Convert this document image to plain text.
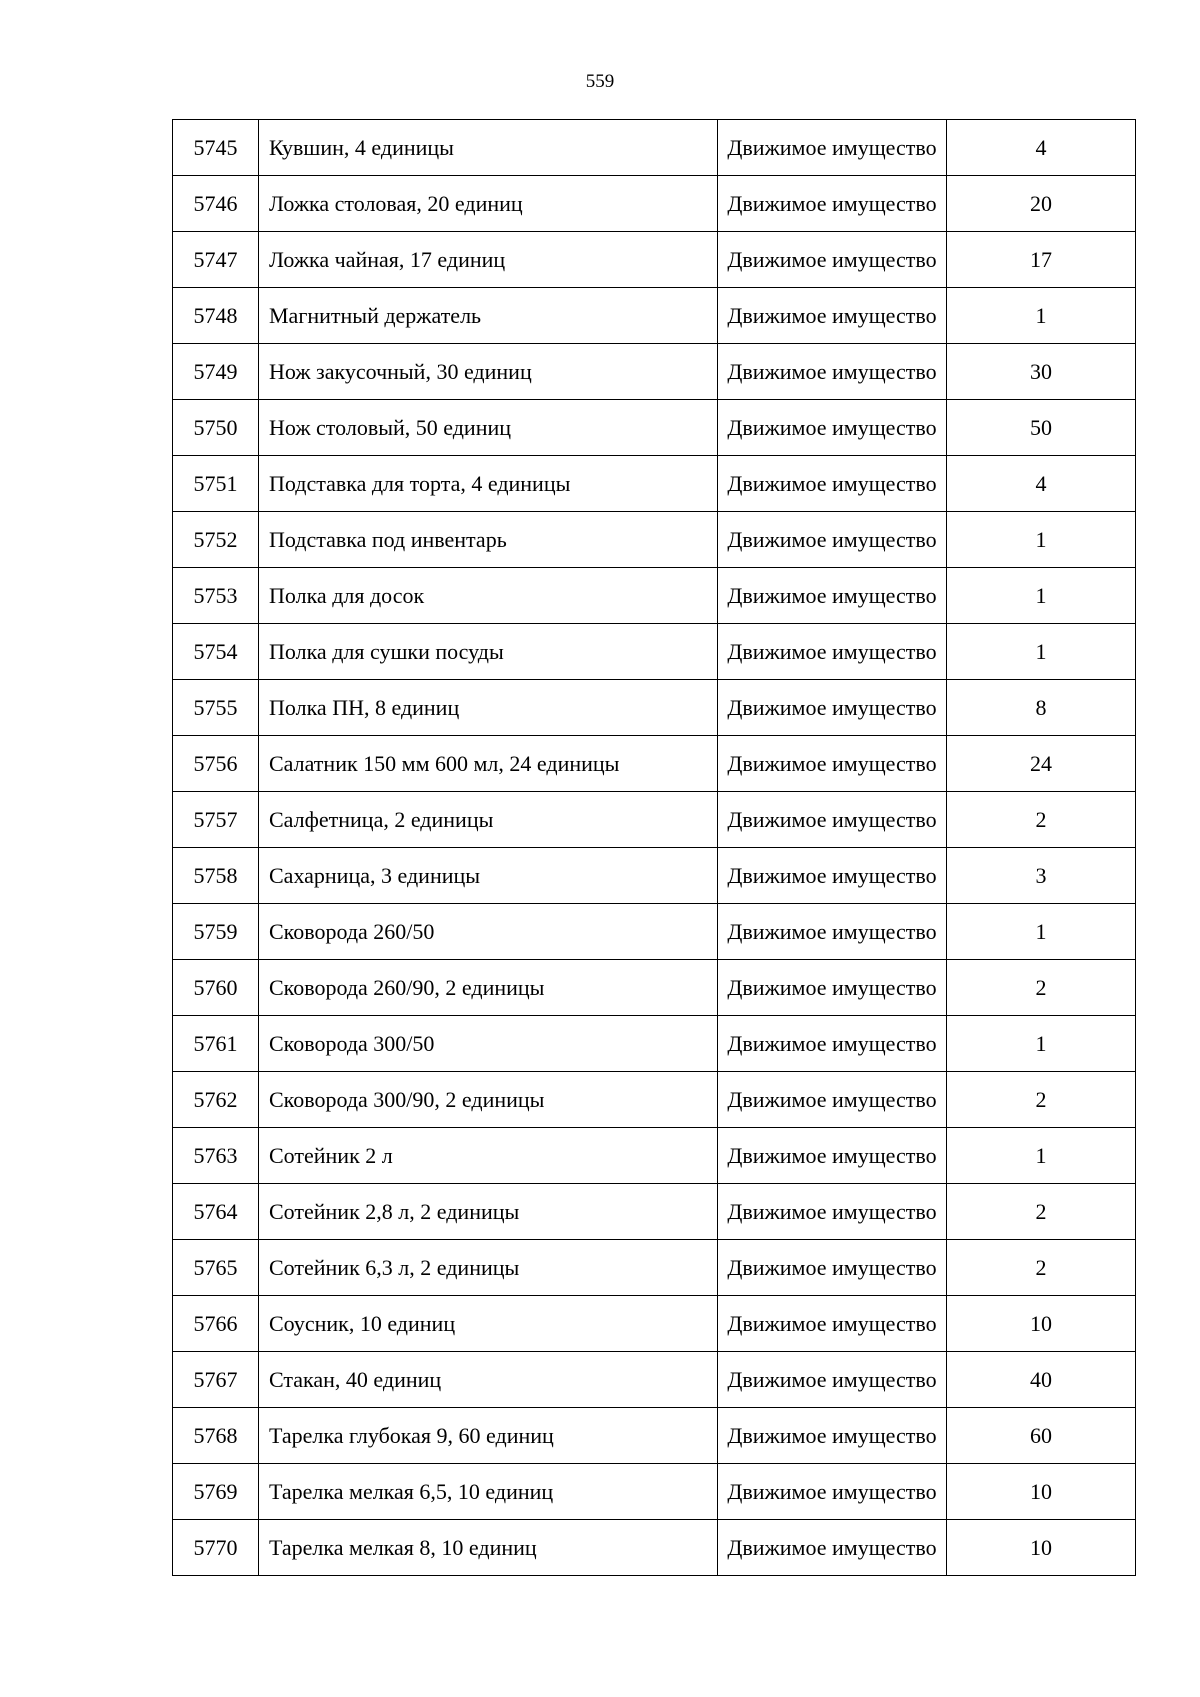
559
5745	Кувшин, 4 единицы	Движимое имущество	4
5746	Ложка столовая, 20 единиц	Движимое имущество	20
5747	Ложка чайная, 17 единиц	Движимое имущество	17
5748	Магнитный держатель	Движимое имущество	1
5749	Нож закусочный, 30 единиц	Движимое имущество	30
5750	Нож столовый, 50 единиц	Движимое имущество	50
5751	Подставка для торта, 4 единицы	Движимое имущество	4
5752	Подставка под инвентарь	Движимое имущество	1
5753	Полка для досок	Движимое имущество	1
5754	Полка для сушки посуды	Движимое имущество	1
5755	Полка ПН, 8 единиц	Движимое имущество	8
5756	Салатник 150 мм 600 мл, 24 единицы	Движимое имущество	24
5757	Салфетница, 2 единицы	Движимое имущество	2
5758	Сахарница, 3 единицы	Движимое имущество	3
5759	Сковорода 260/50	Движимое имущество	1
5760	Сковорода 260/90, 2 единицы	Движимое имущество	2
5761	Сковорода 300/50	Движимое имущество	1
5762	Сковорода 300/90, 2 единицы	Движимое имущество	2
5763	Сотейник 2 л	Движимое имущество	1
5764	Сотейник 2,8 л, 2 единицы	Движимое имущество	2
5765	Сотейник 6,3 л, 2 единицы	Движимое имущество	2
5766	Соусник, 10 единиц	Движимое имущество	10
5767	Стакан, 40 единиц	Движимое имущество	40
5768	Тарелка глубокая 9, 60 единиц	Движимое имущество	60
5769	Тарелка мелкая 6,5, 10 единиц	Движимое имущество	10
5770	Тарелка мелкая 8, 10 единиц	Движимое имущество	10
